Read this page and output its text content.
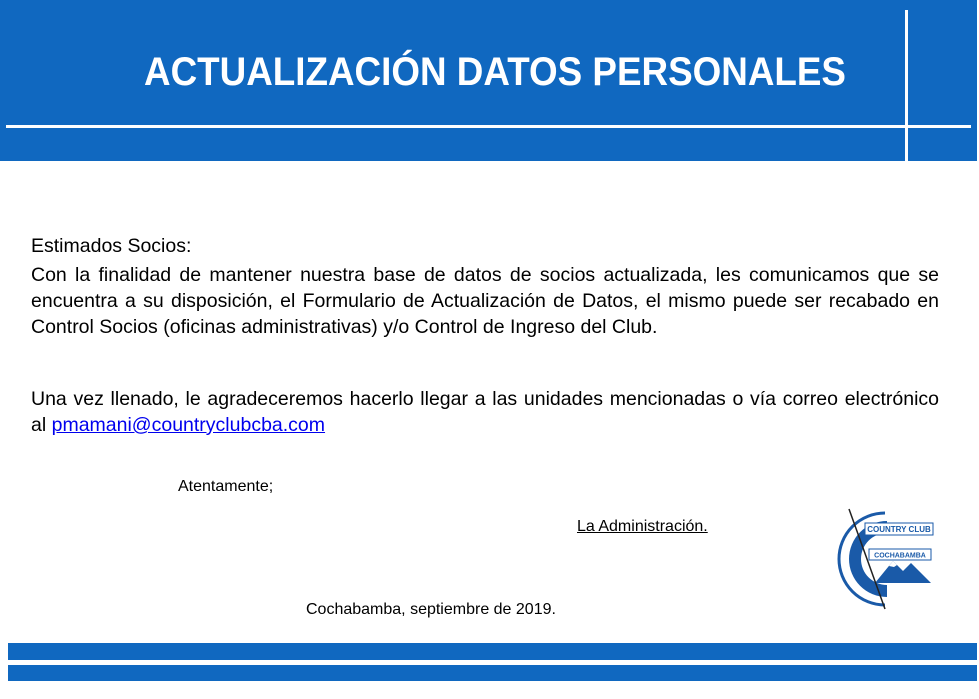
ACTUALIZACIÓN DATOS PERSONALES
Estimados Socios:
Con la finalidad de mantener nuestra base de datos de socios actualizada, les comunicamos que se encuentra a su disposición, el Formulario de Actualización de Datos, el mismo puede ser recabado en Control Socios (oficinas administrativas) y/o Control de Ingreso del Club.
Una vez llenado, le agradeceremos hacerlo llegar a las unidades mencionadas o vía correo electrónico al pmamani@countryclubcba.com
Atentamente;
La Administración.
Cochabamba, septiembre de 2019.
COUNTRY CLUB
COCHABAMBA
